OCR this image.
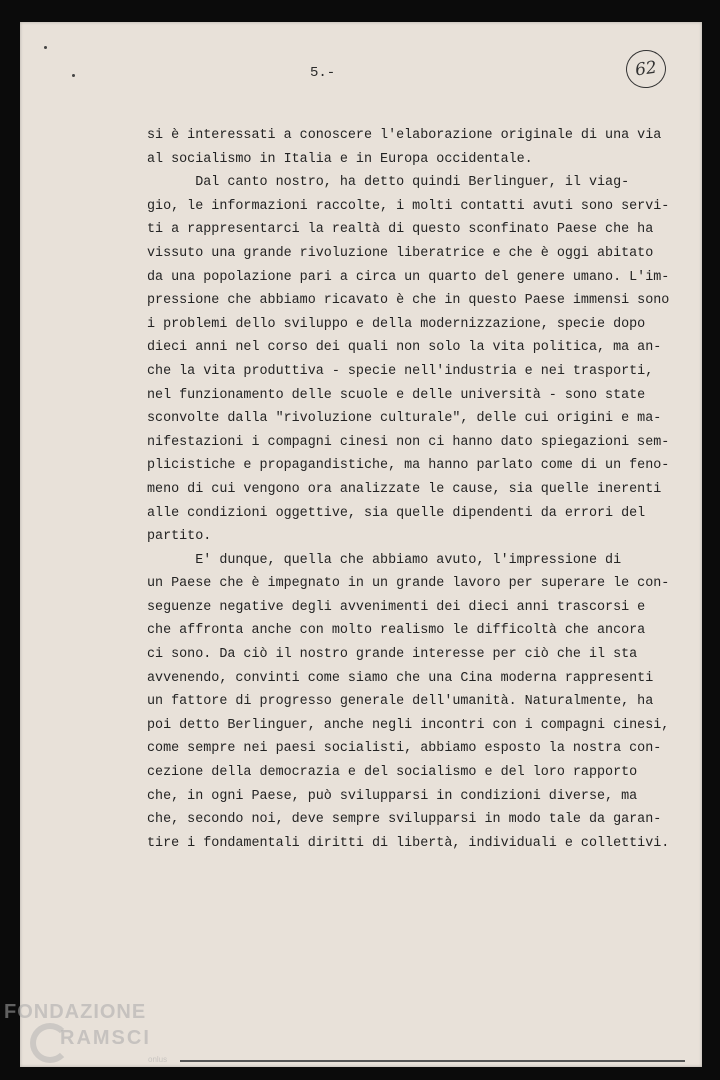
5.-	62
si è interessati a conoscere l'elaborazione originale di una via
al socialismo in Italia e in Europa occidentale.
Dal canto nostro, ha detto quindi Berlinguer, il viag-
gio, le informazioni raccolte, i molti contatti avuti sono servi-
ti a rappresentarci la realtà di questo sconfinato Paese che ha
vissuto una grande rivoluzione liberatrice e che è oggi abitato
da una popolazione pari a circa un quarto del genere umano. L'im-
pressione che abbiamo ricavato è che in questo Paese immensi sono
i problemi dello sviluppo e della modernizzazione, specie dopo
dieci anni nel corso dei quali non solo la vita politica, ma an-
che la vita produttiva - specie nell'industria e nei trasporti,
nel funzionamento delle scuole e delle università - sono state
sconvolte dalla "rivoluzione culturale", delle cui origini e ma-
nifestazioni i compagni cinesi non ci hanno dato spiegazioni sem-
plicistiche e propagandistiche, ma hanno parlato come di un feno-
meno di cui vengono ora analizzate le cause, sia quelle inerenti
alle condizioni oggettive, sia quelle dipendenti da errori del
partito.
E' dunque, quella che abbiamo avuto, l'impressione di
un Paese che è impegnato in un grande lavoro per superare le con-
seguenze negative degli avvenimenti dei dieci anni trascorsi e
che affronta anche con molto realismo le difficoltà che ancora
ci sono. Da ciò il nostro grande interesse per ciò che il sta
avvenendo, convinti come siamo che una Cina moderna rappresenti
un fattore di progresso generale dell'umanità. Naturalmente, ha
poi detto Berlinguer, anche negli incontri con i compagni cinesi,
come sempre nei paesi socialisti, abbiamo esposto la nostra con-
cezione della democrazia e del socialismo e del loro rapporto
che, in ogni Paese, può svilupparsi in condizioni diverse, ma
che, secondo noi, deve sempre svilupparsi in modo tale da garan-
tire i fondamentali diritti di libertà, individuali e collettivi.
FONDAZIONE
RAMSCI
onlus
